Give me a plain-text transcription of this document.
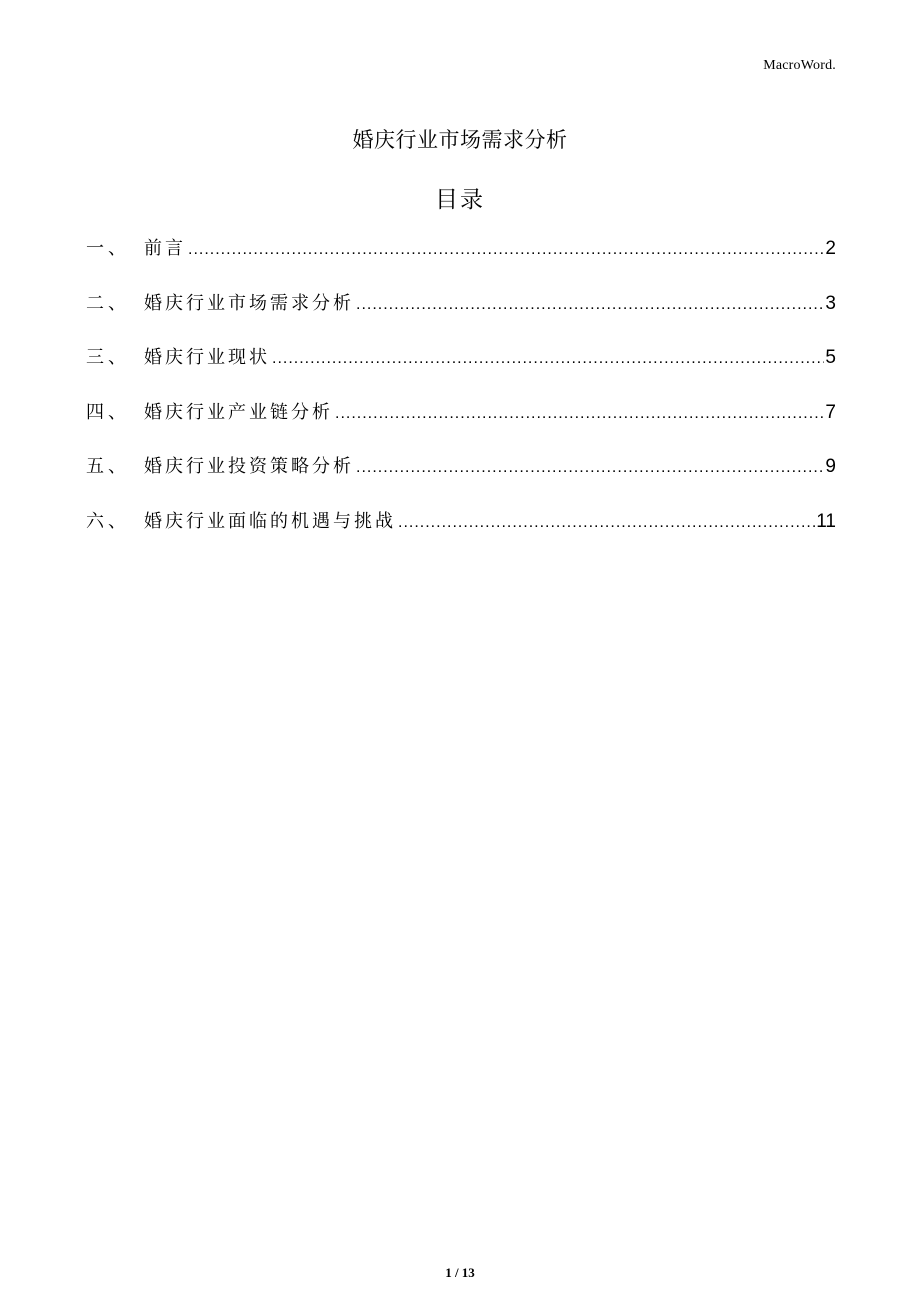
MacroWord.
婚庆行业市场需求分析
目录
一、 前言 .....	2
二、 婚庆行业市场需求分析 .....	3
三、 婚庆行业现状 .....	5
四、 婚庆行业产业链分析 .....	7
五、 婚庆行业投资策略分析 .....	9
六、 婚庆行业面临的机遇与挑战 .....	11
1 / 13
